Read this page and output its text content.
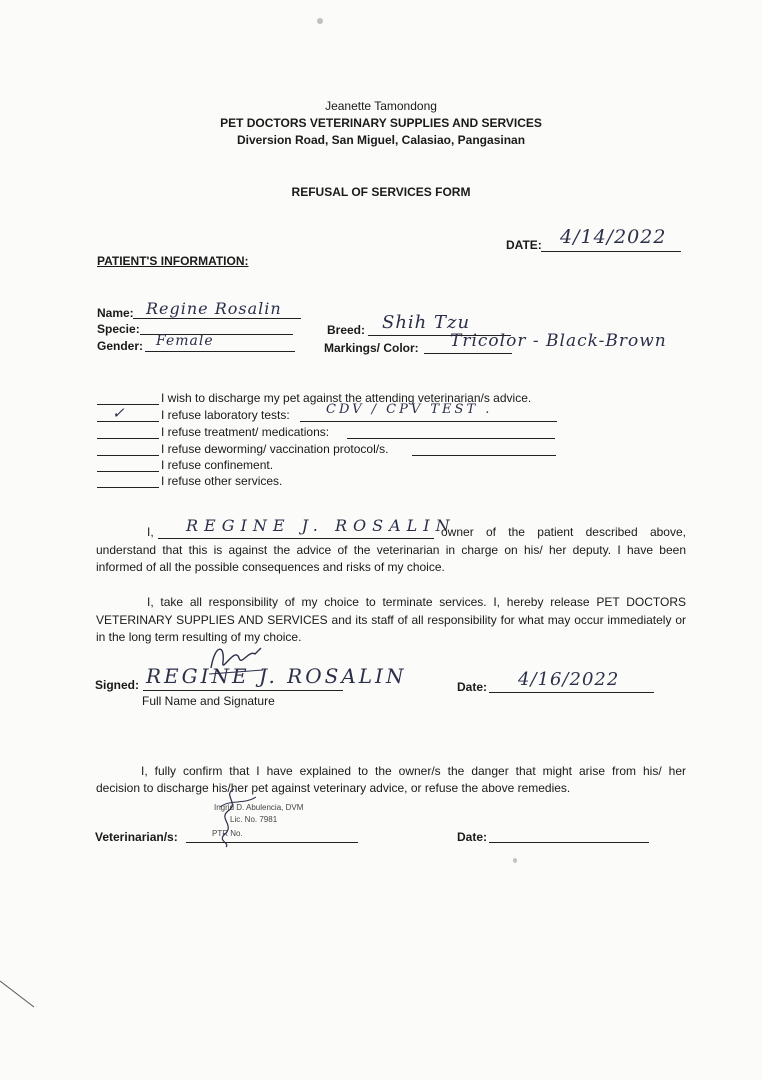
Jeanette Tamondong
PET DOCTORS VETERINARY SUPPLIES AND SERVICES
Diversion Road, San Miguel, Calasiao, Pangasinan
REFUSAL OF SERVICES FORM
DATE: 4/14/2022
PATIENT'S INFORMATION:
Name: Regine Rosalin
Specie:
Gender: Female
Breed: Shih Tzu
Markings/ Color: Tricolor - Black-Brown
I wish to discharge my pet against the attending veterinarian/s advice.
✓	I refuse laboratory tests:	CDV / CPV TEST .
I refuse treatment/ medications:
I refuse deworming/ vaccination protocol/s.
I refuse confinement.
I refuse other services.
I, REGINE J. ROSALIN
owner of the patient described above,
understand that this is against the advice of the veterinarian in charge on his/ her deputy. I have been
informed of all the possible consequences and risks of my choice.
I, take all responsibility of my choice to terminate services. I, hereby release PET DOCTORS
VETERINARY SUPPLIES AND SERVICES and its staff of all responsibility for what may occur immediately or
in the long term resulting of my choice.
Signed: REGINE J. ROSALIN
Full Name and Signature
Date: 4/16/2022
I, fully confirm that I have explained to the owner/s the danger that might arise from his/ her
decision to discharge his/her pet against veterinary advice, or refuse the above remedies.
Veterinarian/s:
Ingrid D. Abulencia, DVM
Lic. No. 7981
PTR No.	Date:
